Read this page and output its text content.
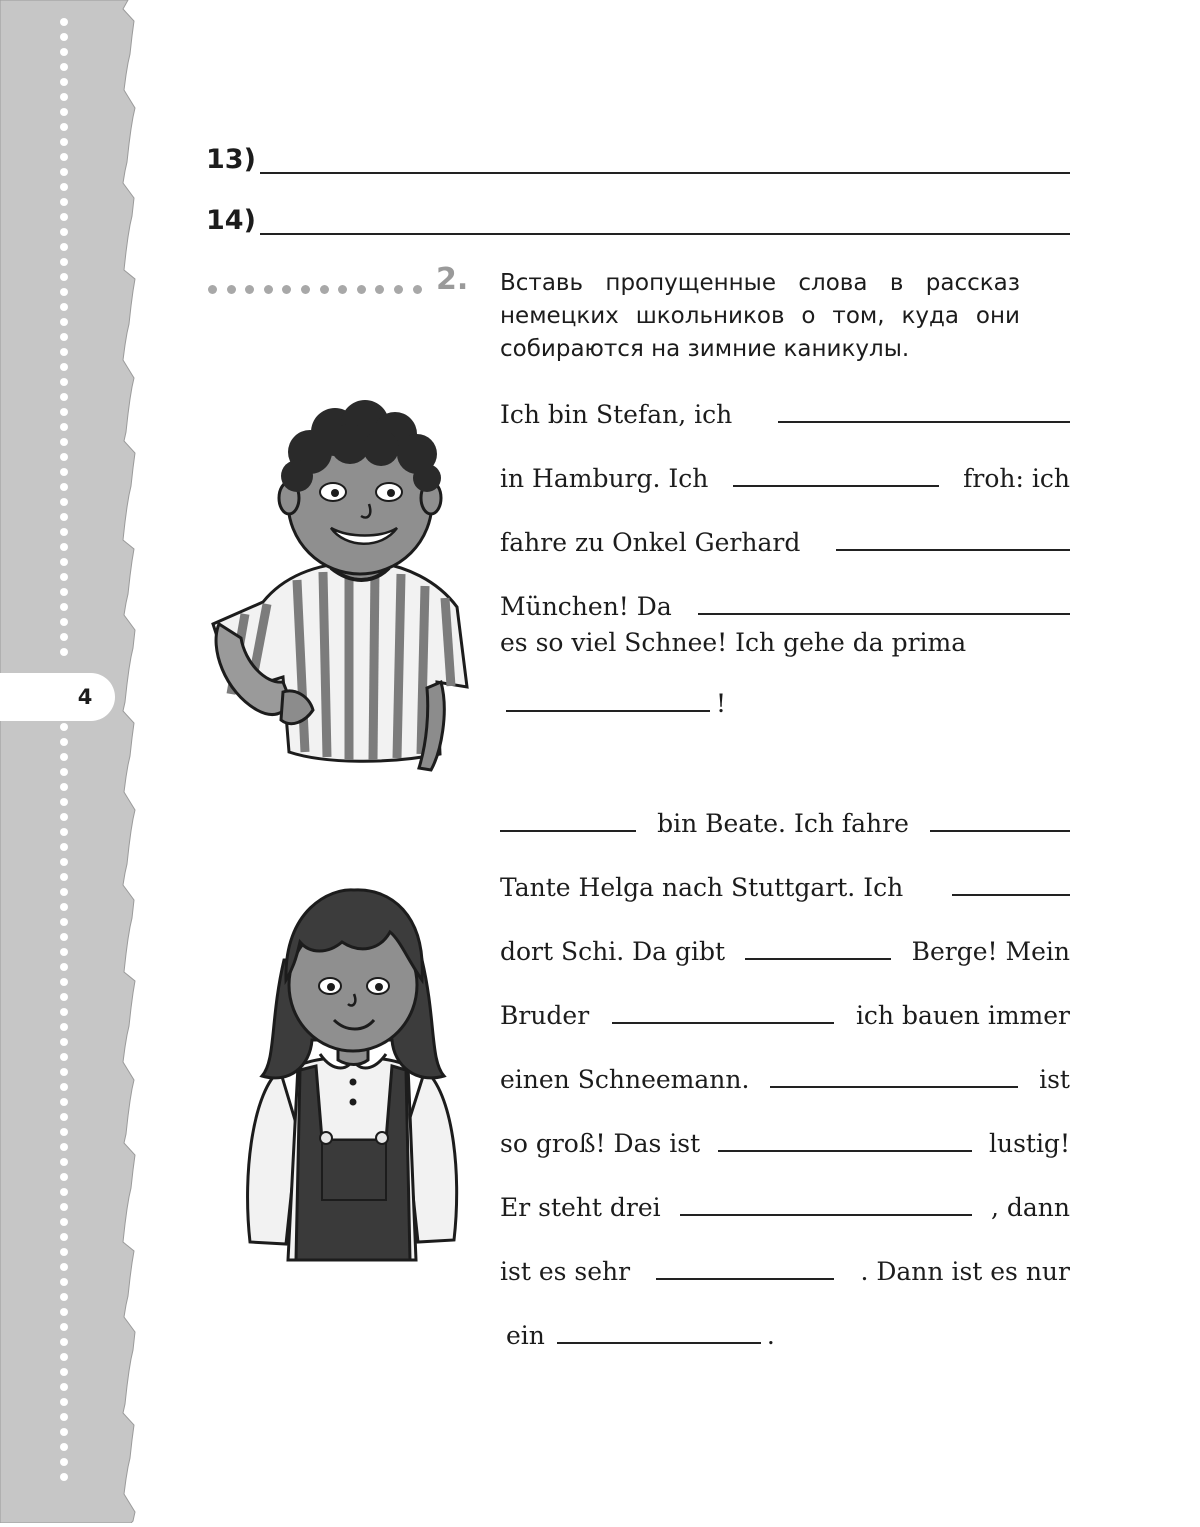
4
13)
14)
2. Вставь пропущенные слова в рассказ
немецких школьников о том, куда они
собираются на зимние каникулы.
Ich bin Stefan, ich
in Hamburg. Ich	froh: ich
fahre zu Onkel Gerhard
München! Da
es so viel Schnee! Ich gehe da prima
!
bin Beate. Ich fahre
Tante Helga nach Stuttgart. Ich
dort Schi. Da gibt	Berge! Mein
Bruder	ich bauen immer
einen Schneemann.	ist
so groß! Das ist	lustig!
Er steht drei	, dann
ist es sehr	. Dann ist es nur
ein	.
